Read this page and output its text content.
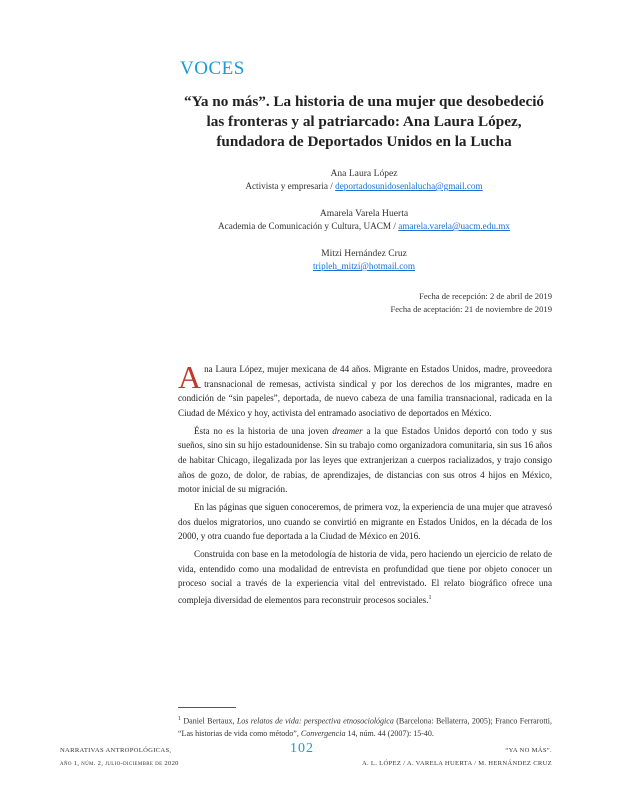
VOCES
“Ya no más”. La historia de una mujer que desobedeció las fronteras y al patriarcado: Ana Laura López, fundadora de Deportados Unidos en la Lucha
Ana Laura López
Activista y empresaria / deportadosunidosenlalucha@gmail.com
Amarela Varela Huerta
Academia de Comunicación y Cultura, UACM / amarela.varela@uacm.edu.mx
Mitzi Hernández Cruz
tripleh_mitzi@hotmail.com
Fecha de recepción: 2 de abril de 2019
Fecha de aceptación: 21 de noviembre de 2019

Ana Laura López, mujer mexicana de 44 años. Migrante en Estados Unidos, madre, proveedora transnacional de remesas, activista sindical y por los derechos de los migrantes, madre en condición de “sin papeles”, deportada, de nuevo cabeza de una familia transnacional, radicada en la Ciudad de México y hoy, activista del entramado asociativo de deportados en México.

Ésta no es la historia de una joven dreamer a la que Estados Unidos deportó con todo y sus sueños, sino sin su hijo estadounidense. Sin su trabajo como organizadora comunitaria, sin sus 16 años de habitar Chicago, ilegalizada por las leyes que extranjerizan a cuerpos racializados, y trajo consigo años de gozo, de dolor, de rabias, de aprendizajes, de distancias con sus otros 4 hijos en México, motor inicial de su migración.

En las páginas que siguen conoceremos, de primera voz, la experiencia de una mujer que atravesó dos duelos migratorios, uno cuando se convirtió en migrante en Estados Unidos, en la década de los 2000, y otra cuando fue deportada a la Ciudad de México en 2016.

Construida con base en la metodología de historia de vida, pero haciendo un ejercicio de relato de vida, entendido como una modalidad de entrevista en profundidad que tiene por objeto conocer un proceso social a través de la experiencia vital del entrevistado. El relato biográfico ofrece una compleja diversidad de elementos para reconstruir procesos sociales.$^1$

$^1$ Daniel Bertaux, Los relatos de vida: perspectiva etnosociológica (Barcelona: Bellaterra, 2005); Franco Ferrarotti, “Las historias de vida como método”, Convergencia 14, núm. 44 (2007): 15-40.
NARRATIVAS ANTROPOLÓGICAS,
año 1, núm. 2, julio-diciembre de 2020
102	“YA NO MÁS”.
A. L. LÓPEZ / A. VARELA HUERTA / M. HERNÁNDEZ CRUZ
